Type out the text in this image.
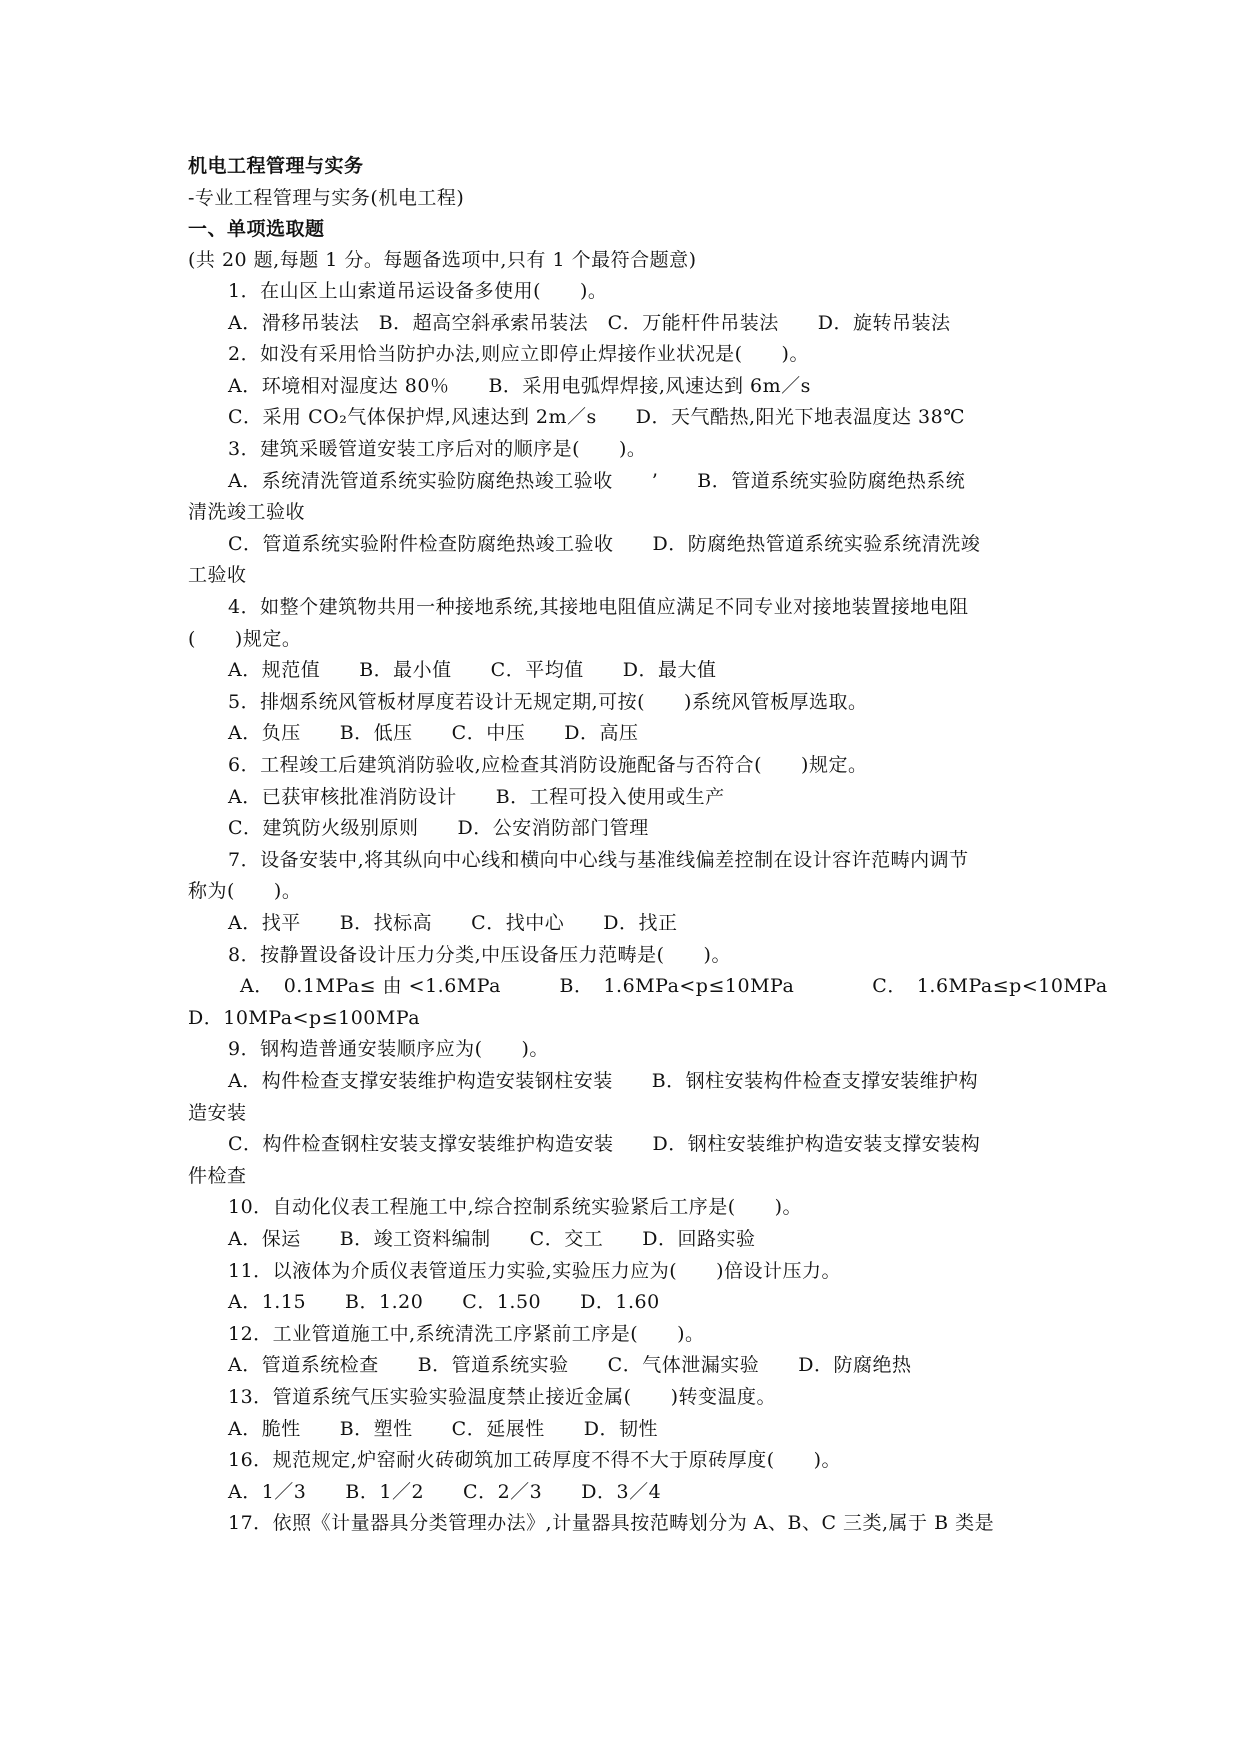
机电工程管理与实务
-专业工程管理与实务(机电工程)
一、单项选取题
(共 20 题,每题 1 分。每题备选项中,只有 1 个最符合题意)
1．在山区上山索道吊运设备多使用(　　)。
A．滑移吊装法　B．超高空斜承索吊装法　C．万能杆件吊装法　　D．旋转吊装法
2．如没有采用恰当防护办法,则应立即停止焊接作业状况是(　　)。
A．环境相对湿度达 80％　　B．采用电弧焊焊接,风速达到 6m／s
C．采用 CO₂气体保护焊,风速达到 2m／s　　D．天气酷热,阳光下地表温度达 38℃
3．建筑采暖管道安装工序后对的顺序是(　　)。
A．系统清洗管道系统实验防腐绝热竣工验收　　’　　B．管道系统实验防腐绝热系统
清洗竣工验收
C．管道系统实验附件检查防腐绝热竣工验收　　D．防腐绝热管道系统实验系统清洗竣
工验收
4．如整个建筑物共用一种接地系统,其接地电阻值应满足不同专业对接地装置接地电阻
(　　)规定。
A．规范值　　B．最小值　　C．平均值　　D．最大值
5．排烟系统风管板材厚度若设计无规定期,可按(　　)系统风管板厚选取。
A．负压　　B．低压　　C．中压　　D．高压
6．工程竣工后建筑消防验收,应检查其消防设施配备与否符合(　　)规定。
A．已获审核批准消防设计　　B．工程可投入使用或生产
C．建筑防火级别原则　　D．公安消防部门管理
7．设备安装中,将其纵向中心线和横向中心线与基准线偏差控制在设计容许范畴内调节
称为(　　)。
A．找平　　B．找标高　　C．找中心　　D．找正
8．按静置设备设计压力分类,中压设备压力范畴是(　　)。
A．　0.1MPa≤ 由 <1.6MPa　　　B．　1.6MPa<p≤10MPa　　　　C．　1.6MPa≤p<10MPa
D．10MPa<p≤100MPa
9．钢构造普通安装顺序应为(　　)。
A．构件检查支撑安装维护构造安装钢柱安装　　B．钢柱安装构件检查支撑安装维护构
造安装
C．构件检查钢柱安装支撑安装维护构造安装　　D．钢柱安装维护构造安装支撑安装构
件检查
10．自动化仪表工程施工中,综合控制系统实验紧后工序是(　　)。
A．保运　　B．竣工资料编制　　C．交工　　D．回路实验
11．以液体为介质仪表管道压力实验,实验压力应为(　　)倍设计压力。
A．1.15　　B．1.20　　C．1.50　　D．1.60
12．工业管道施工中,系统清洗工序紧前工序是(　　)。
A．管道系统检查　　B．管道系统实验　　C．气体泄漏实验　　D．防腐绝热
13．管道系统气压实验实验温度禁止接近金属(　　)转变温度。
A．脆性　　B．塑性　　C．延展性　　D．韧性
16．规范规定,炉窑耐火砖砌筑加工砖厚度不得不大于原砖厚度(　　)。
A．1／3　　B．1／2　　C．2／3　　D．3／4
17．依照《计量器具分类管理办法》,计量器具按范畴划分为 A、B、C 三类,属于 B 类是
